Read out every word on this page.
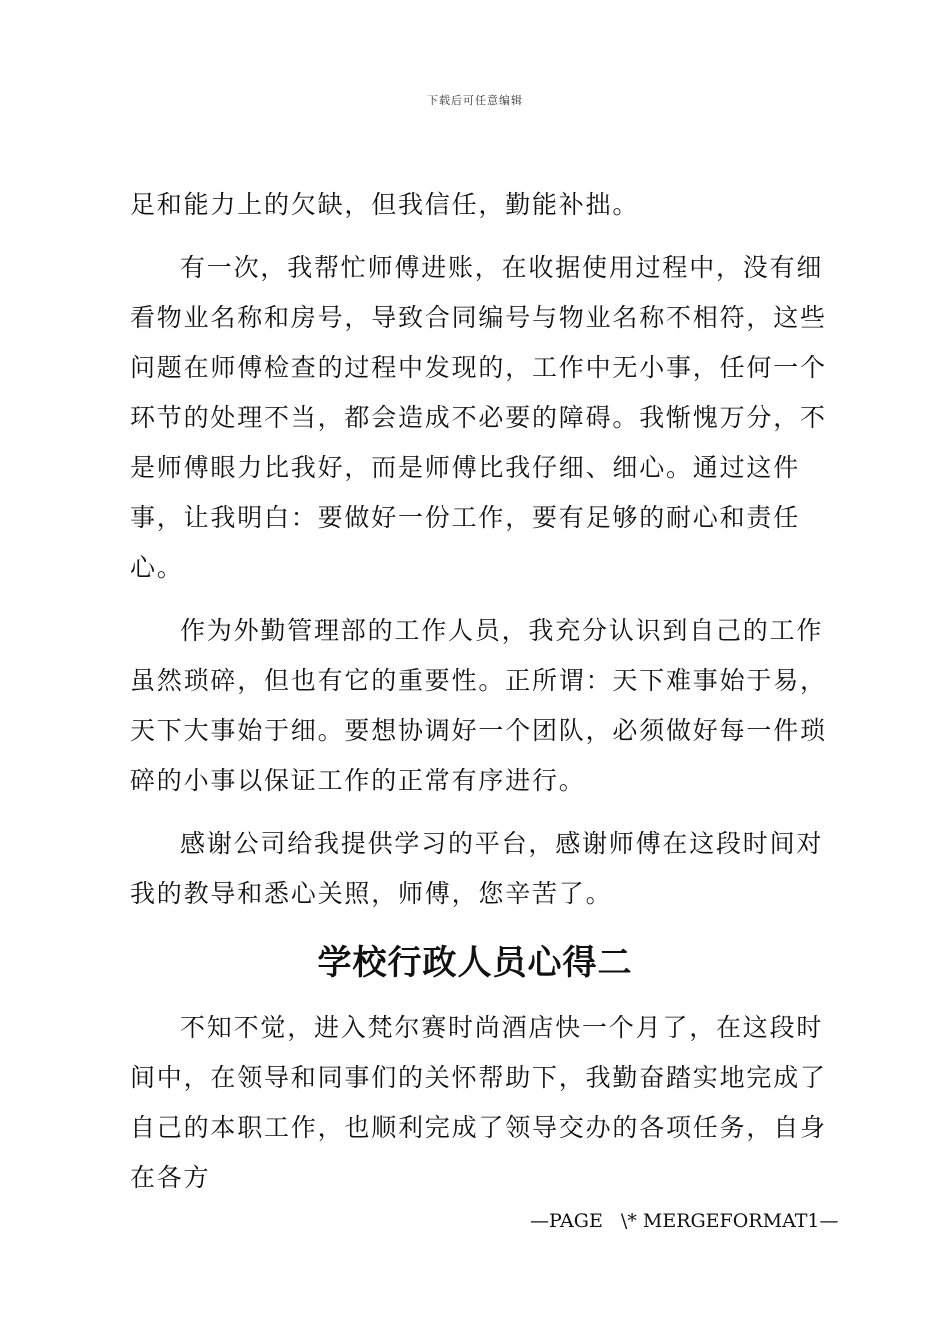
下载后可任意编辑

足和能力上的欠缺，但我信任，勤能补拙。

有一次，我帮忙师傅进账，在收据使用过程中，没有细看物业名称和房号，导致合同编号与物业名称不相符，这些问题在师傅检查的过程中发现的，工作中无小事，任何一个环节的处理不当，都会造成不必要的障碍。我惭愧万分，不是师傅眼力比我好，而是师傅比我仔细、细心。通过这件事，让我明白：要做好一份工作，要有足够的耐心和责任心。

作为外勤管理部的工作人员，我充分认识到自己的工作虽然琐碎，但也有它的重要性。正所谓：天下难事始于易，天下大事始于细。要想协调好一个团队，必须做好每一件琐碎的小事以保证工作的正常有序进行。

感谢公司给我提供学习的平台，感谢师傅在这段时间对我的教导和悉心关照，师傅，您辛苦了。

学校行政人员心得二

不知不觉，进入梵尔赛时尚酒店快一个月了，在这段时间中，在领导和同事们的关怀帮助下，我勤奋踏实地完成了自己的本职工作，也顺利完成了领导交办的各项任务，自身在各方

—PAGE   \* MERGEFORMAT1—
